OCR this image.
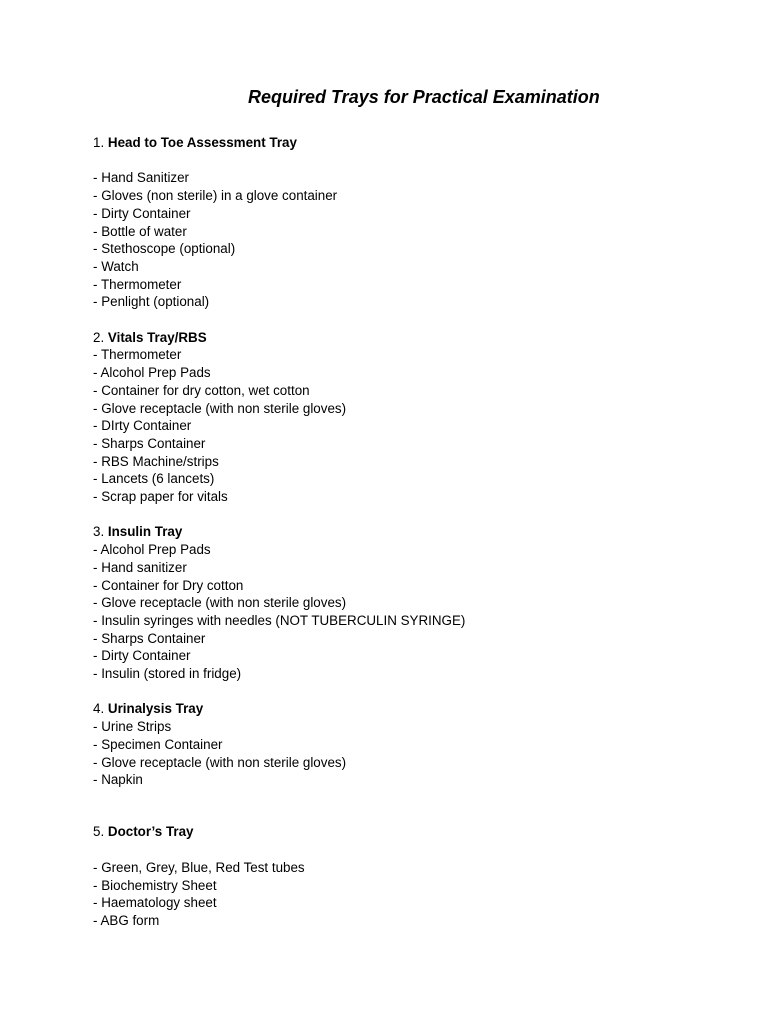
Required Trays for Practical Examination

1. Head to Toe Assessment Tray

- Hand Sanitizer
- Gloves (non sterile) in a glove container
- Dirty Container
- Bottle of water
- Stethoscope (optional)
- Watch
- Thermometer
- Penlight (optional)

2. Vitals Tray/RBS

- Thermometer
- Alcohol Prep Pads
- Container for dry cotton, wet cotton
- Glove receptacle (with non sterile gloves)
- DIrty Container
- Sharps Container
- RBS Machine/strips
- Lancets (6 lancets)
- Scrap paper for vitals

3. Insulin Tray

- Alcohol Prep Pads
- Hand sanitizer
- Container for Dry cotton
- Glove receptacle (with non sterile gloves)
- Insulin syringes with needles (NOT TUBERCULIN SYRINGE)
- Sharps Container
- Dirty Container
- Insulin (stored in fridge)

4. Urinalysis Tray

- Urine Strips
- Specimen Container
- Glove receptacle (with non sterile gloves)
- Napkin

5. Doctor’s Tray

- Green, Grey, Blue, Red Test tubes
- Biochemistry Sheet
- Haematology sheet
- ABG form
